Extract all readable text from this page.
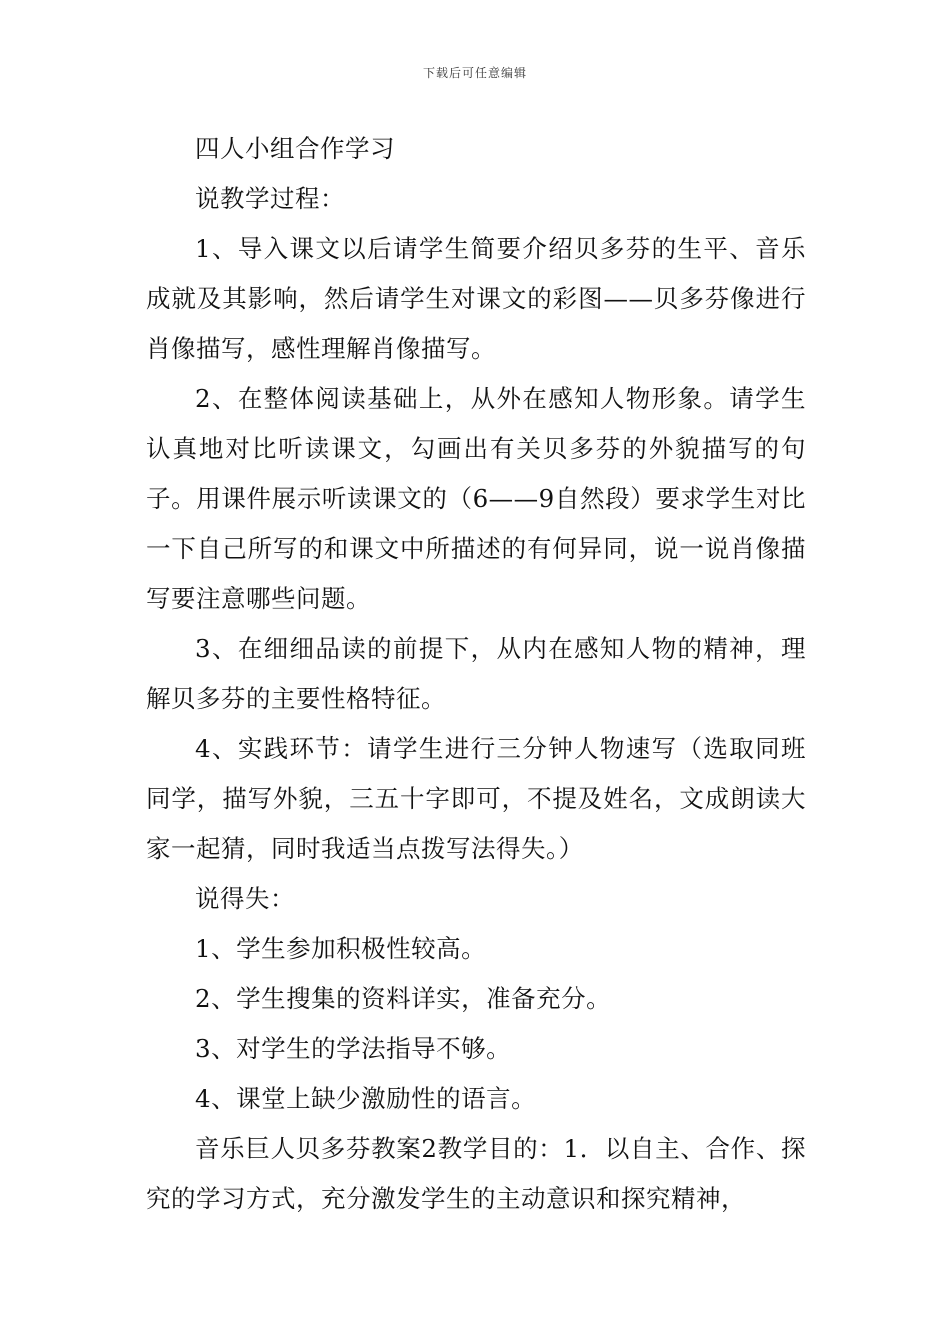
下载后可任意编辑

四人小组合作学习

说教学过程：

1、导入课文以后请学生简要介绍贝多芬的生平、音乐成就及其影响，然后请学生对课文的彩图——贝多芬像进行肖像描写，感性理解肖像描写。

2、在整体阅读基础上，从外在感知人物形象。请学生认真地对比听读课文，勾画出有关贝多芬的外貌描写的句子。用课件展示听读课文的（6——9自然段）要求学生对比一下自己所写的和课文中所描述的有何异同，说一说肖像描写要注意哪些问题。

3、在细细品读的前提下，从内在感知人物的精神，理解贝多芬的主要性格特征。

4、实践环节：请学生进行三分钟人物速写（选取同班同学，描写外貌，三五十字即可，不提及姓名，文成朗读大家一起猜，同时我适当点拨写法得失。）

说得失：

1、学生参加积极性较高。

2、学生搜集的资料详实，准备充分。

3、对学生的学法指导不够。

4、课堂上缺少激励性的语言。

音乐巨人贝多芬教案2教学目的：1．以自主、合作、探究的学习方式，充分激发学生的主动意识和探究精神，
